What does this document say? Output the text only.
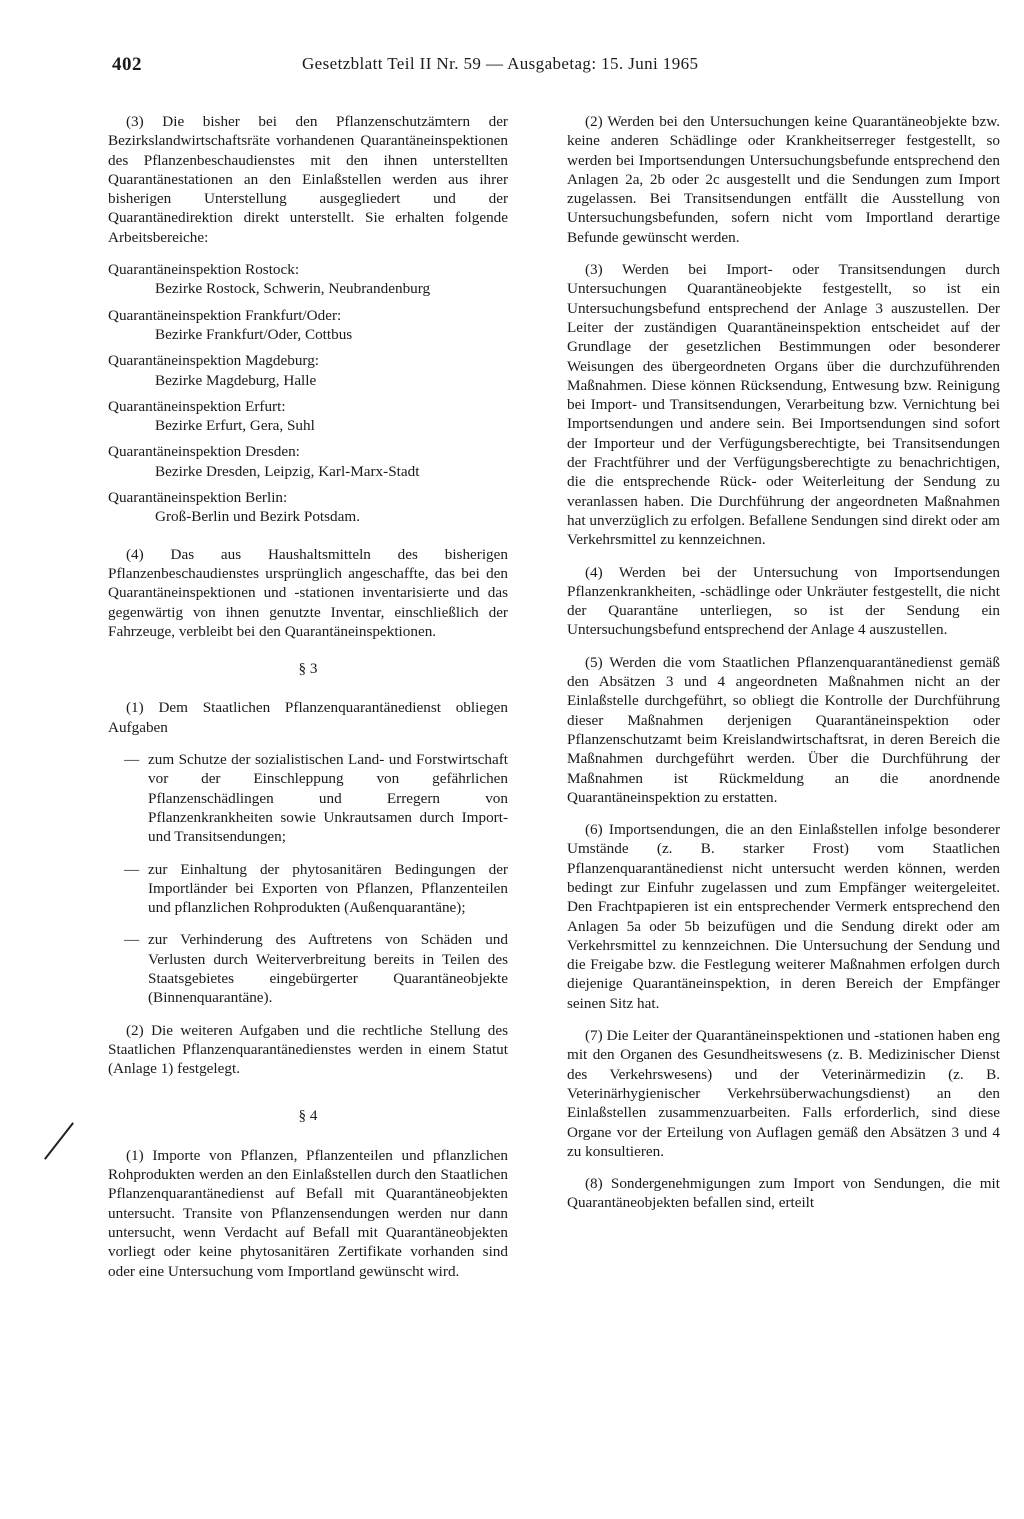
402	Gesetzblatt Teil II Nr. 59 — Ausgabetag: 15. Juni 1965

(3) Die bisher bei den Pflanzenschutzämtern der Bezirkslandwirtschaftsräte vorhandenen Quarantäneinspektionen des Pflanzenbeschaudienstes mit den ihnen unterstellten Quarantänestationen an den Einlaßstellen werden aus ihrer bisherigen Unterstellung ausgegliedert und der Quarantänedirektion direkt unterstellt. Sie erhalten folgende Arbeitsbereiche:

Quarantäneinspektion Rostock:
Bezirke Rostock, Schwerin, Neubrandenburg
Quarantäneinspektion Frankfurt/Oder:
Bezirke Frankfurt/Oder, Cottbus
Quarantäneinspektion Magdeburg:
Bezirke Magdeburg, Halle
Quarantäneinspektion Erfurt:
Bezirke Erfurt, Gera, Suhl
Quarantäneinspektion Dresden:
Bezirke Dresden, Leipzig, Karl-Marx-Stadt
Quarantäneinspektion Berlin:
Groß-Berlin und Bezirk Potsdam.

(4) Das aus Haushaltsmitteln des bisherigen Pflanzenbeschaudienstes ursprünglich angeschaffte, das bei den Quarantäneinspektionen und -stationen inventarisierte und das gegenwärtig von ihnen genutzte Inventar, einschließlich der Fahrzeuge, verbleibt bei den Quarantäneinspektionen.

§ 3

(1) Dem Staatlichen Pflanzenquarantänedienst obliegen Aufgaben

— zum Schutze der sozialistischen Land- und Forstwirtschaft vor der Einschleppung von gefährlichen Pflanzenschädlingen und Erregern von Pflanzenkrankheiten sowie Unkrautsamen durch Import- und Transitsendungen;
— zur Einhaltung der phytosanitären Bedingungen der Importländer bei Exporten von Pflanzen, Pflanzenteilen und pflanzlichen Rohprodukten (Außenquarantäne);
— zur Verhinderung des Auftretens von Schäden und Verlusten durch Weiterverbreitung bereits in Teilen des Staatsgebietes eingebürgerter Quarantäneobjekte (Binnenquarantäne).

(2) Die weiteren Aufgaben und die rechtliche Stellung des Staatlichen Pflanzenquarantänedienstes werden in einem Statut (Anlage 1) festgelegt.

§ 4

(1) Importe von Pflanzen, Pflanzenteilen und pflanzlichen Rohprodukten werden an den Einlaßstellen durch den Staatlichen Pflanzenquarantänedienst auf Befall mit Quarantäneobjekten untersucht. Transite von Pflanzensendungen werden nur dann untersucht, wenn Verdacht auf Befall mit Quarantäneobjekten vorliegt oder keine phytosanitären Zertifikate vorhanden sind oder eine Untersuchung vom Importland gewünscht wird.

(2) Werden bei den Untersuchungen keine Quarantäneobjekte bzw. keine anderen Schädlinge oder Krankheitserreger festgestellt, so werden bei Importsendungen Untersuchungsbefunde entsprechend den Anlagen 2a, 2b oder 2c ausgestellt und die Sendungen zum Import zugelassen. Bei Transitsendungen entfällt die Ausstellung von Untersuchungsbefunden, sofern nicht vom Importland derartige Befunde gewünscht werden.

(3) Werden bei Import- oder Transitsendungen durch Untersuchungen Quarantäneobjekte festgestellt, so ist ein Untersuchungsbefund entsprechend der Anlage 3 auszustellen. Der Leiter der zuständigen Quarantäneinspektion entscheidet auf der Grundlage der gesetzlichen Bestimmungen oder besonderer Weisungen des übergeordneten Organs über die durchzuführenden Maßnahmen. Diese können Rücksendung, Entwesung bzw. Reinigung bei Import- und Transitsendungen, Verarbeitung bzw. Vernichtung bei Importsendungen und andere sein. Bei Importsendungen sind sofort der Importeur und der Verfügungsberechtigte, bei Transitsendungen der Frachtführer und der Verfügungsberechtigte zu benachrichtigen, die die entsprechende Rück- oder Weiterleitung der Sendung zu veranlassen haben. Die Durchführung der angeordneten Maßnahmen hat unverzüglich zu erfolgen. Befallene Sendungen sind direkt oder am Verkehrsmittel zu kennzeichnen.

(4) Werden bei der Untersuchung von Importsendungen Pflanzenkrankheiten, -schädlinge oder Unkräuter festgestellt, die nicht der Quarantäne unterliegen, so ist der Sendung ein Untersuchungsbefund entsprechend der Anlage 4 auszustellen.

(5) Werden die vom Staatlichen Pflanzenquarantänedienst gemäß den Absätzen 3 und 4 angeordneten Maßnahmen nicht an der Einlaßstelle durchgeführt, so obliegt die Kontrolle der Durchführung dieser Maßnahmen derjenigen Quarantäneinspektion oder Pflanzenschutzamt beim Kreislandwirtschaftsrat, in deren Bereich die Maßnahmen durchgeführt werden. Über die Durchführung der Maßnahmen ist Rückmeldung an die anordnende Quarantäneinspektion zu erstatten.

(6) Importsendungen, die an den Einlaßstellen infolge besonderer Umstände (z. B. starker Frost) vom Staatlichen Pflanzenquarantänedienst nicht untersucht werden können, werden bedingt zur Einfuhr zugelassen und zum Empfänger weitergeleitet. Den Frachtpapieren ist ein entsprechender Vermerk entsprechend den Anlagen 5a oder 5b beizufügen und die Sendung direkt oder am Verkehrsmittel zu kennzeichnen. Die Untersuchung der Sendung und die Freigabe bzw. die Festlegung weiterer Maßnahmen erfolgen durch diejenige Quarantäneinspektion, in deren Bereich der Empfänger seinen Sitz hat.

(7) Die Leiter der Quarantäneinspektionen und -stationen haben eng mit den Organen des Gesundheitswesens (z. B. Medizinischer Dienst des Verkehrswesens) und der Veterinärmedizin (z. B. Veterinärhygienischer Verkehrsüberwachungsdienst) an den Einlaßstellen zusammenzuarbeiten. Falls erforderlich, sind diese Organe vor der Erteilung von Auflagen gemäß den Absätzen 3 und 4 zu konsultieren.

(8) Sondergenehmigungen zum Import von Sendungen, die mit Quarantäneobjekten befallen sind, erteilt
